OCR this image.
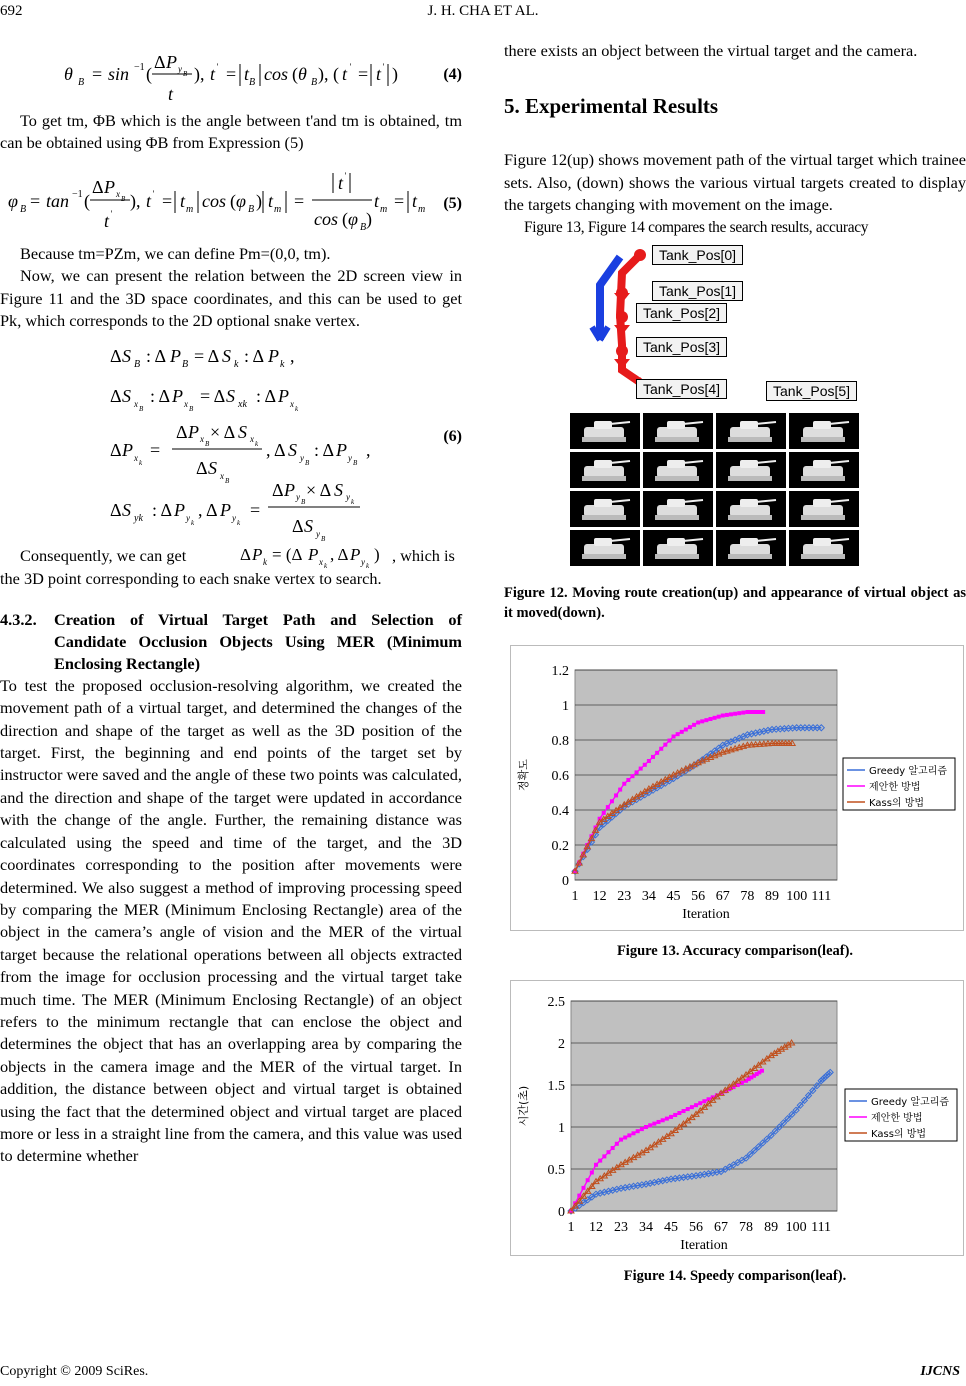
692	J. H. CHA ET AL.
θ B = sin −1 (
Δ P y B
t
), t ' = t B cos ( θ B ), ( t ' = t ' )	(4)

To get tm, ΦB which is the angle between t'and tm is obtained, tm can be obtained using ΦB from Expression (5)

φ B = tan −1 (
Δ P x B
t '
), t ' = t m cos ( φ B ) t m =
t '
cos ( φ B )
t m = t m (5)

Because tm=PZm, we can define Pm=(0,0, tm).

Now, we can present the relation between the 2D screen view in Figure 11 and the 3D space coordinates, and this can be used to get Pk, which corresponds to the 2D optional snake vertex.

Δ S B : Δ P B = Δ S k : Δ P k ,
Δ S x B
: Δ P x B
= Δ S xk : Δ P x k
Δ P x k
=
Δ P x B
× Δ S x k
Δ S x B
, Δ S y B
: Δ P y B
,
Δ S yk : Δ P y k
, Δ P y k
=
Δ P y B
× Δ S y k
Δ S y B
(6)
Consequently, we can get	Δ P k = (Δ P x k
, Δ P y k
) , which is

the 3D point corresponding to each snake vertex to search.

4.3.2.	Creation of Virtual Target Path and Selection of Candidate Occlusion Objects Using MER (Minimum Enclosing Rectangle)

To test the proposed occlusion-resolving algorithm, we created the movement path of a virtual target, and determined the changes of the direction and shape of the target as well as the 3D position of the target. First, the beginning and end points of the target set by instructor were saved and the angle of these two points was calculated, and the direction and shape of the target were updated in accordance with the change of the angle. Further, the remaining distance was calculated using the speed and time of the target, and the 3D coordinates corresponding to the position after movements were determined. We also suggest a method of improving processing speed by comparing the MER (Minimum Enclosing Rectangle) area of the object in the camera’s angle of vision and the MER of the virtual target because the relational operations between all objects extracted from the image for occlusion processing and the virtual target take much time. The MER (Minimum Enclosing Rectangle) of an object refers to the minimum rectangle that can enclose the object and determines the object that has an overlapping area by comparing the objects in the camera image and the MER of the virtual target. In addition, the distance between object and virtual target is obtained using the fact that the determined object and virtual target are placed more or less in a straight line from the camera, and this value was used to determine whether

there exists an object between the virtual target and the camera.

5. Experimental Results

Figure 12(up) shows movement path of the virtual target which trainee sets. Also, (down) shows the various virtual targets created to display the targets changing with movement on the image.

Figure 13, Figure 14 compares the search results, accuracy

Tank_Pos[0]
Tank_Pos[1]
Tank_Pos[2]
Tank_Pos[3]
Tank_Pos[4]	Tank_Pos[5]
Figure 12. Moving route creation(up) and appearance of virtual object as it moved(down).
0
0.2
0.4
0.6
0.8
1
1.2
1 12 23 34 45 56 67 78 89 100 111
Iteration
정확도	Greedy 알고리즘
제안한 방법
Kass의 방법
Figure 13. Accuracy comparison(leaf).
0
0.5
1
1.5
2
2.5
1 12 23 34 45 56 67 78 89 100 111
Iteration
시간(초)	Greedy 알고리즘
제안한 방법
Kass의 방법
Figure 14. Speedy comparison(leaf).
Copyright © 2009 SciRes.	IJCNS
